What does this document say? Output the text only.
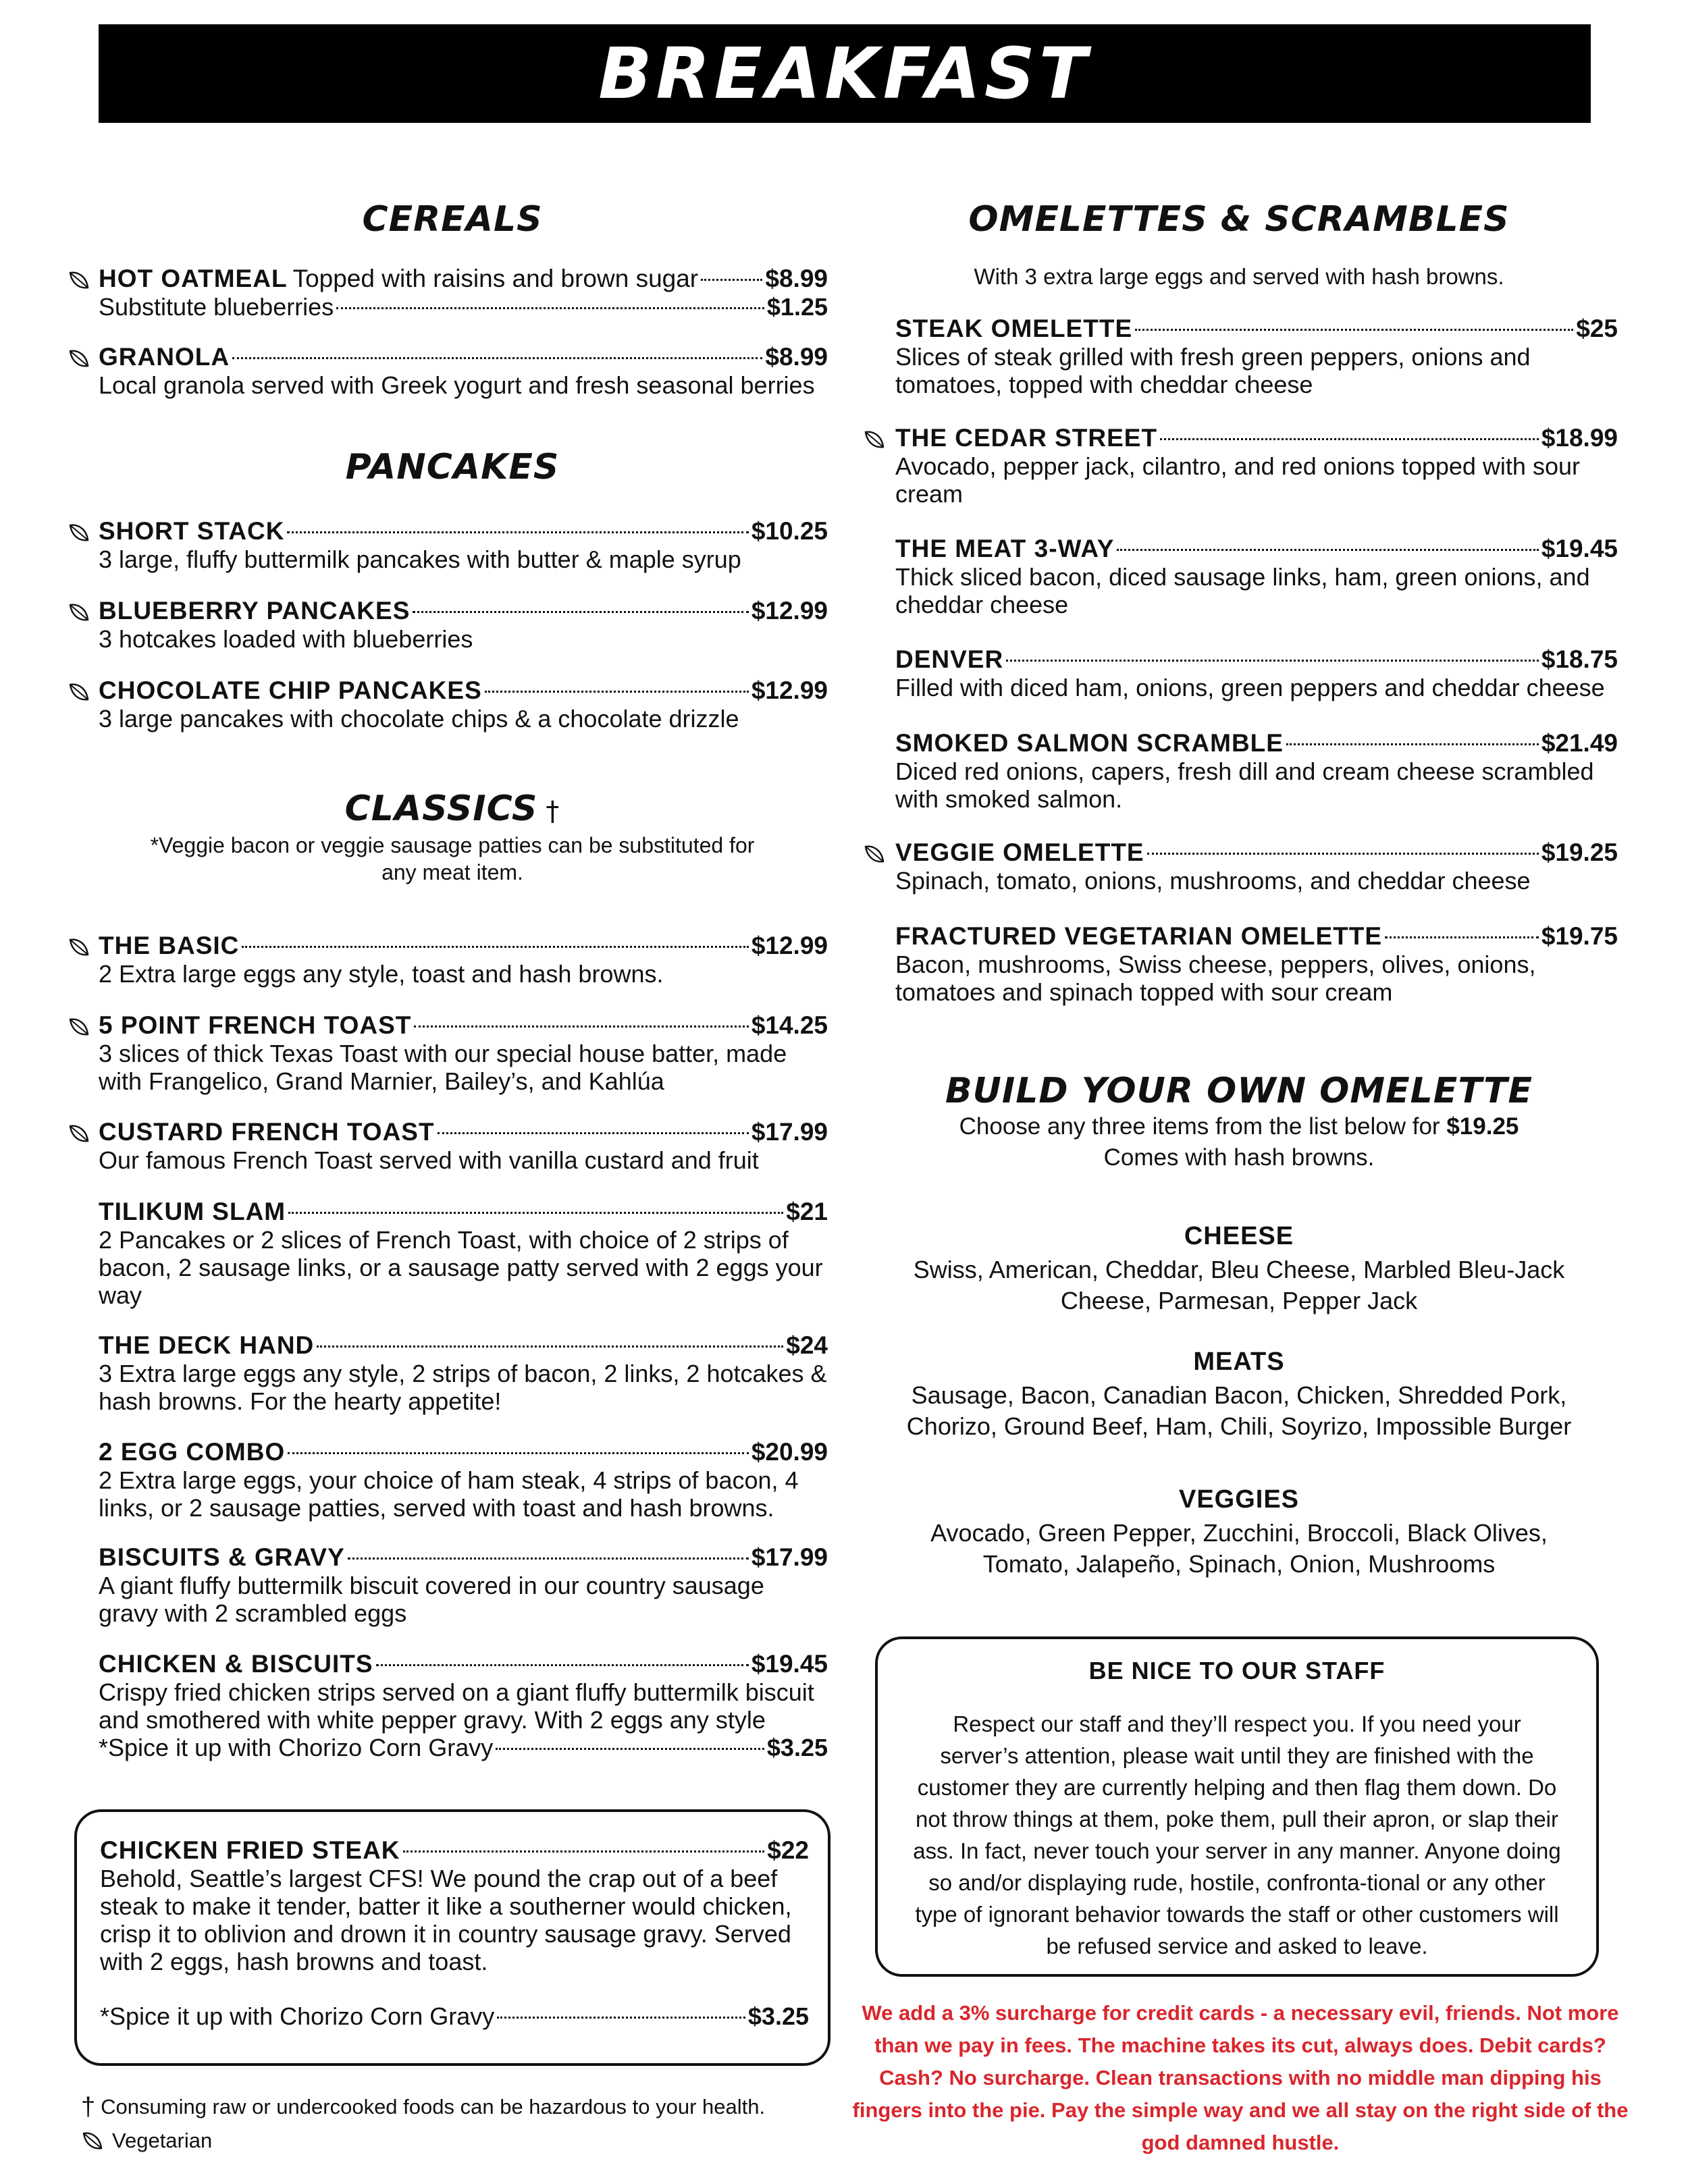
BREAKFAST
CEREALS
HOT OATMEAL Topped with raisins and brown sugar	$8.99
Substitute blueberries	$1.25
GRANOLA	$8.99
Local granola served with Greek yogurt and fresh seasonal berries
PANCAKES
SHORT STACK	$10.25
3 large, fluffy buttermilk pancakes with butter & maple syrup
BLUEBERRY PANCAKES	$12.99
3 hotcakes loaded with blueberries
CHOCOLATE CHIP PANCAKES	$12.99
3 large pancakes with chocolate chips & a chocolate drizzle
CLASSICS †
*Veggie bacon or veggie sausage patties can be substituted for any meat item.
THE BASIC	$12.99
2 Extra large eggs any style, toast and hash browns.
5 POINT FRENCH TOAST	$14.25
3 slices of thick Texas Toast with our special house batter, made with Frangelico, Grand Marnier, Bailey’s, and Kahlúa
CUSTARD FRENCH TOAST	$17.99
Our famous French Toast served with vanilla custard and fruit
TILIKUM SLAM	$21
2 Pancakes or 2 slices of French Toast, with choice of 2 strips of bacon, 2 sausage links, or a sausage patty served with 2 eggs your way
THE DECK HAND	$24
3 Extra large eggs any style, 2 strips of bacon, 2 links, 2 hotcakes & hash browns. For the hearty appetite!
2 EGG COMBO	$20.99
2 Extra large eggs, your choice of ham steak, 4 strips of bacon, 4 links, or 2 sausage patties, served with toast and hash browns.
BISCUITS & GRAVY	$17.99
A giant fluffy buttermilk biscuit covered in our country sausage gravy with 2 scrambled eggs
CHICKEN & BISCUITS	$19.45
Crispy fried chicken strips served on a giant fluffy buttermilk biscuit and smothered with white pepper gravy. With 2 eggs any style
*Spice it up with Chorizo Corn Gravy	$3.25
CHICKEN FRIED STEAK	$22
Behold, Seattle’s largest CFS! We pound the crap out of a beef steak to make it tender, batter it like a southerner would chicken, crisp it to oblivion and drown it in country sausage gravy. Served with 2 eggs, hash browns and toast.
*Spice it up with Chorizo Corn Gravy	$3.25
† Consuming raw or undercooked foods can be hazardous to your health.
Vegetarian
OMELETTES & SCRAMBLES
With 3 extra large eggs and served with hash browns.
STEAK OMELETTE	$25
Slices of steak grilled with fresh green peppers, onions and tomatoes, topped with cheddar cheese
THE CEDAR STREET	$18.99
Avocado, pepper jack, cilantro, and red onions topped with sour cream
THE MEAT 3-WAY	$19.45
Thick sliced bacon, diced sausage links, ham, green onions, and cheddar cheese
DENVER	$18.75
Filled with diced ham, onions, green peppers and cheddar cheese
SMOKED SALMON SCRAMBLE	$21.49
Diced red onions, capers, fresh dill and cream cheese scrambled with smoked salmon.
VEGGIE OMELETTE	$19.25
Spinach, tomato, onions, mushrooms, and cheddar cheese
FRACTURED VEGETARIAN OMELETTE	$19.75
Bacon, mushrooms, Swiss cheese, peppers, olives, onions, tomatoes and spinach topped with sour cream
BUILD YOUR OWN OMELETTE
Choose any three items from the list below for $19.25
Comes with hash browns.
CHEESE
Swiss, American, Cheddar, Bleu Cheese, Marbled Bleu-Jack Cheese, Parmesan, Pepper Jack
MEATS
Sausage, Bacon, Canadian Bacon, Chicken, Shredded Pork, Chorizo, Ground Beef, Ham, Chili, Soyrizo, Impossible Burger
VEGGIES
Avocado, Green Pepper, Zucchini, Broccoli, Black Olives, Tomato, Jalapeño, Spinach, Onion, Mushrooms
BE NICE TO OUR STAFF
Respect our staff and they’ll respect you. If you need your server’s attention, please wait until they are finished with the customer they are currently helping and then flag them down. Do not throw things at them, poke them, pull their apron, or slap their ass. In fact, never touch your server in any manner. Anyone doing so and/or displaying rude, hostile, confronta-tional or any other type of ignorant behavior towards the staff or other customers will be refused service and asked to leave.
We add a 3% surcharge for credit cards - a necessary evil, friends. Not more than we pay in fees. The machine takes its cut, always does. Debit cards? Cash? No surcharge. Clean transactions with no middle man dipping his fingers into the pie. Pay the simple way and we all stay on the right side of the god damned hustle.
